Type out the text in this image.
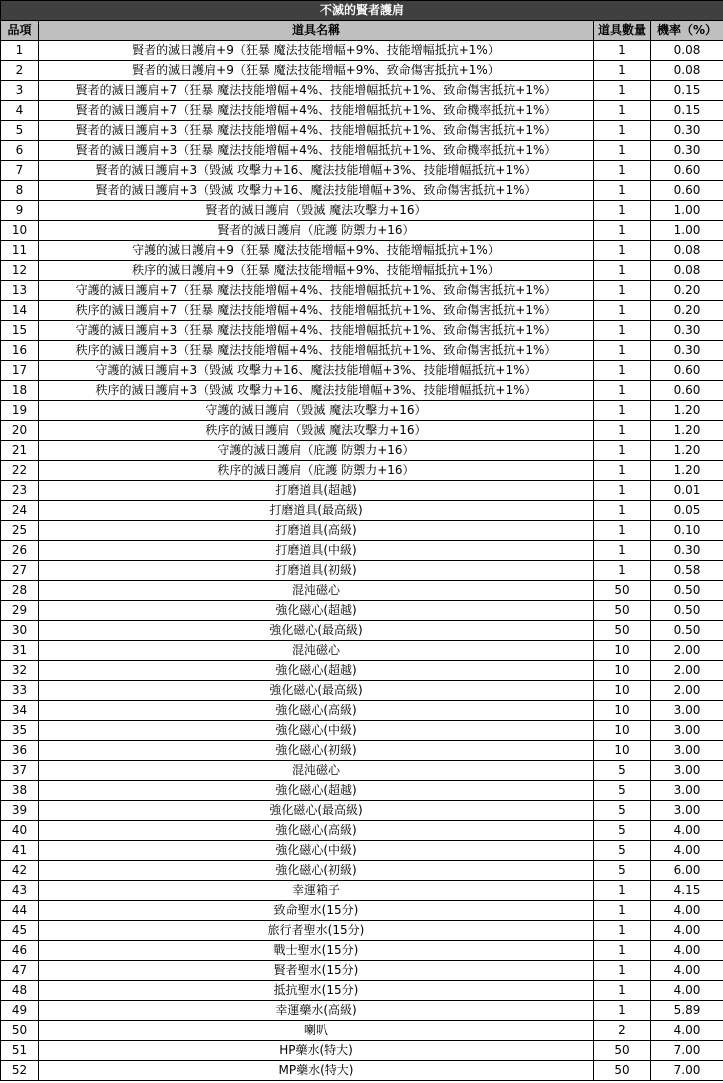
不滅的賢者護肩			
品項	道具名稱	道具數量	機率（%）
1	賢者的滅日護肩+9（狂暴 魔法技能增幅+9%、技能增幅抵抗+1%）	1	0.08
2	賢者的滅日護肩+9（狂暴 魔法技能增幅+9%、致命傷害抵抗+1%）	1	0.08
3	賢者的滅日護肩+7（狂暴 魔法技能增幅+4%、技能增幅抵抗+1%、致命傷害抵抗+1%）	1	0.15
4	賢者的滅日護肩+7（狂暴 魔法技能增幅+4%、技能增幅抵抗+1%、致命機率抵抗+1%）	1	0.15
5	賢者的滅日護肩+3（狂暴 魔法技能增幅+4%、技能增幅抵抗+1%、致命傷害抵抗+1%）	1	0.30
6	賢者的滅日護肩+3（狂暴 魔法技能增幅+4%、技能增幅抵抗+1%、致命機率抵抗+1%）	1	0.30
7	賢者的滅日護肩+3（毀滅 攻擊力+16、魔法技能增幅+3%、技能增幅抵抗+1%）	1	0.60
8	賢者的滅日護肩+3（毀滅 攻擊力+16、魔法技能增幅+3%、致命傷害抵抗+1%）	1	0.60
9	賢者的滅日護肩（毀滅 魔法攻擊力+16）	1	1.00
10	賢者的滅日護肩（庇護 防禦力+16）	1	1.00
11	守護的滅日護肩+9（狂暴 魔法技能增幅+9%、技能增幅抵抗+1%）	1	0.08
12	秩序的滅日護肩+9（狂暴 魔法技能增幅+9%、技能增幅抵抗+1%）	1	0.08
13	守護的滅日護肩+7（狂暴 魔法技能增幅+4%、技能增幅抵抗+1%、致命傷害抵抗+1%）	1	0.20
14	秩序的滅日護肩+7（狂暴 魔法技能增幅+4%、技能增幅抵抗+1%、致命傷害抵抗+1%）	1	0.20
15	守護的滅日護肩+3（狂暴 魔法技能增幅+4%、技能增幅抵抗+1%、致命傷害抵抗+1%）	1	0.30
16	秩序的滅日護肩+3（狂暴 魔法技能增幅+4%、技能增幅抵抗+1%、致命傷害抵抗+1%）	1	0.30
17	守護的滅日護肩+3（毀滅 攻擊力+16、魔法技能增幅+3%、技能增幅抵抗+1%）	1	0.60
18	秩序的滅日護肩+3（毀滅 攻擊力+16、魔法技能增幅+3%、技能增幅抵抗+1%）	1	0.60
19	守護的滅日護肩（毀滅 魔法攻擊力+16）	1	1.20
20	秩序的滅日護肩（毀滅 魔法攻擊力+16）	1	1.20
21	守護的滅日護肩（庇護 防禦力+16）	1	1.20
22	秩序的滅日護肩（庇護 防禦力+16）	1	1.20
23	打磨道具(超越)	1	0.01
24	打磨道具(最高級)	1	0.05
25	打磨道具(高級)	1	0.10
26	打磨道具(中級)	1	0.30
27	打磨道具(初級)	1	0.58
28	混沌磁心	50	0.50
29	強化磁心(超越)	50	0.50
30	強化磁心(最高級)	50	0.50
31	混沌磁心	10	2.00
32	強化磁心(超越)	10	2.00
33	強化磁心(最高級)	10	2.00
34	強化磁心(高級)	10	3.00
35	強化磁心(中級)	10	3.00
36	強化磁心(初級)	10	3.00
37	混沌磁心	5	3.00
38	強化磁心(超越)	5	3.00
39	強化磁心(最高級)	5	3.00
40	強化磁心(高級)	5	4.00
41	強化磁心(中級)	5	4.00
42	強化磁心(初級)	5	6.00
43	幸運箱子	1	4.15
44	致命聖水(15分)	1	4.00
45	旅行者聖水(15分)	1	4.00
46	戰士聖水(15分)	1	4.00
47	賢者聖水(15分)	1	4.00
48	抵抗聖水(15分)	1	4.00
49	幸運藥水(高級)	1	5.89
50	喇叭	2	4.00
51	HP藥水(特大)	50	7.00
52	MP藥水(特大)	50	7.00
